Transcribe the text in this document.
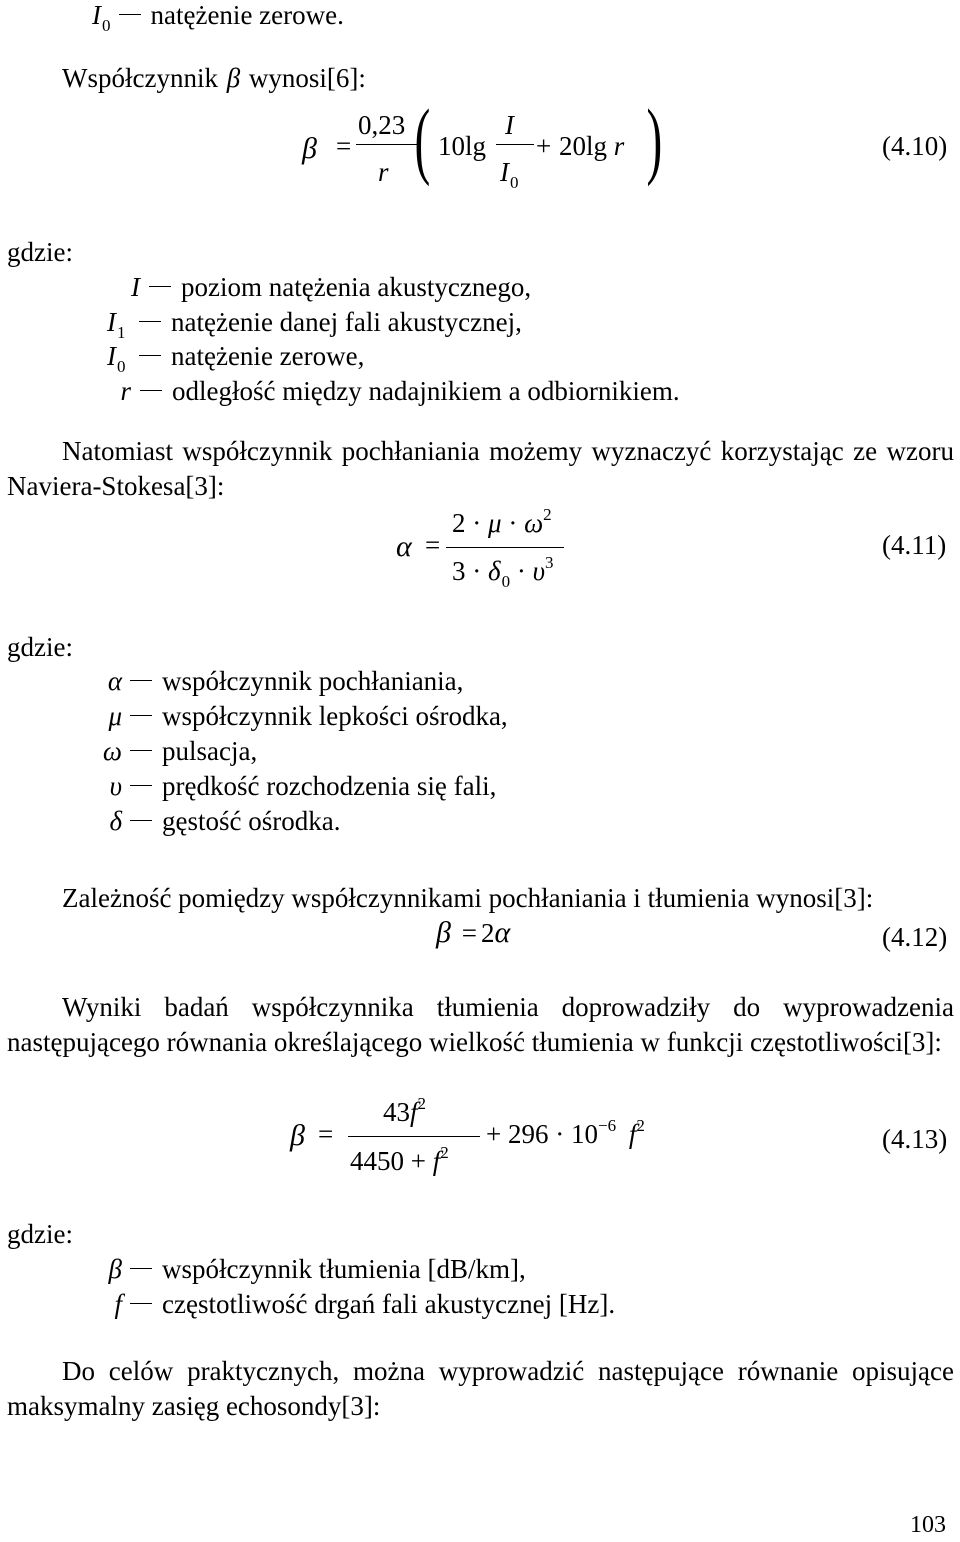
$I_0$ natężenie zerowe.
Współczynnik β wynosi[6]:
β =
0,23
r ( 10lg
I
$I_0$
+ 20lg r )	(4.10)
gdzie:
I poziom natężenia akustycznego,
I1 natężenie danej fali akustycznej,
I0 natężenie zerowe,
r odległość między nadajnikiem a odbiornikiem.
Natomiast współczynnik pochłaniania możemy wyznaczyć korzystając ze wzoru Naviera-Stokesa[3]:
α =
$2 \cdot \mu \cdot \omega^2$
$3 \cdot \delta_0 \cdot \upsilon^3$
(4.11)
gdzie:
α współczynnik pochłaniania,
μ współczynnik lepkości ośrodka,
ω pulsacja,
υ prędkość rozchodzenia się fali,
δ gęstość ośrodka.
Zależność pomiędzy współczynnikami pochłaniania i tłumienia wynosi[3]:
β = 2α	(4.12)
Wyniki badań współczynnika tłumienia doprowadziły do wyprowadzenia następującego równania określającego wielkość tłumienia w funkcji częstotliwości[3]:
β =
$43f^2$
$4450 + f^2$
+ $296 \cdot 10^{-6}$ $f^2$	(4.13)
gdzie:
β współczynnik tłumienia [dB/km],
f częstotliwość drgań fali akustycznej [Hz].
Do celów praktycznych, można wyprowadzić następujące równanie opisujące maksymalny zasięg echosondy[3]:
103
